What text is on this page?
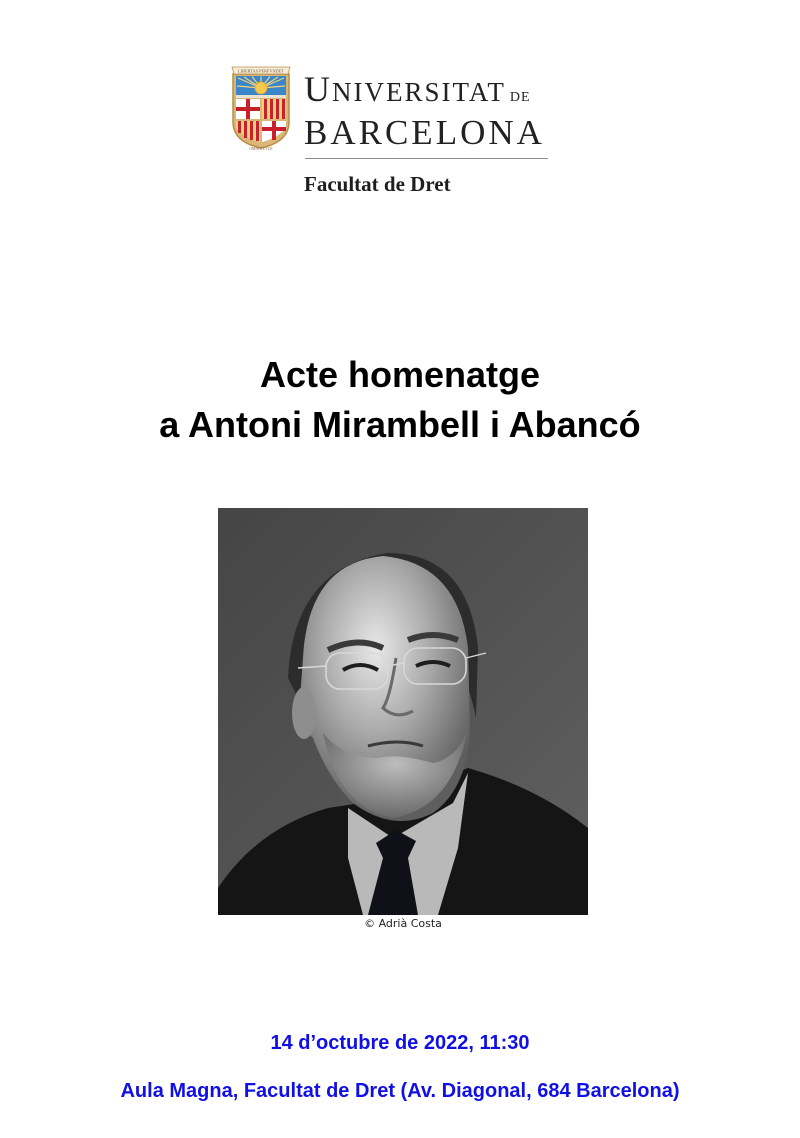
LIBERTAS PERFVNDET
OMNIA LVCE
UNIVERSITAT DE
BARCELONA
Facultat de Dret
Acte homenatge
a Antoni Mirambell i Abancó
© Adrià Costa
14 d’octubre de 2022, 11:30
Aula Magna, Facultat de Dret (Av. Diagonal, 684 Barcelona)
